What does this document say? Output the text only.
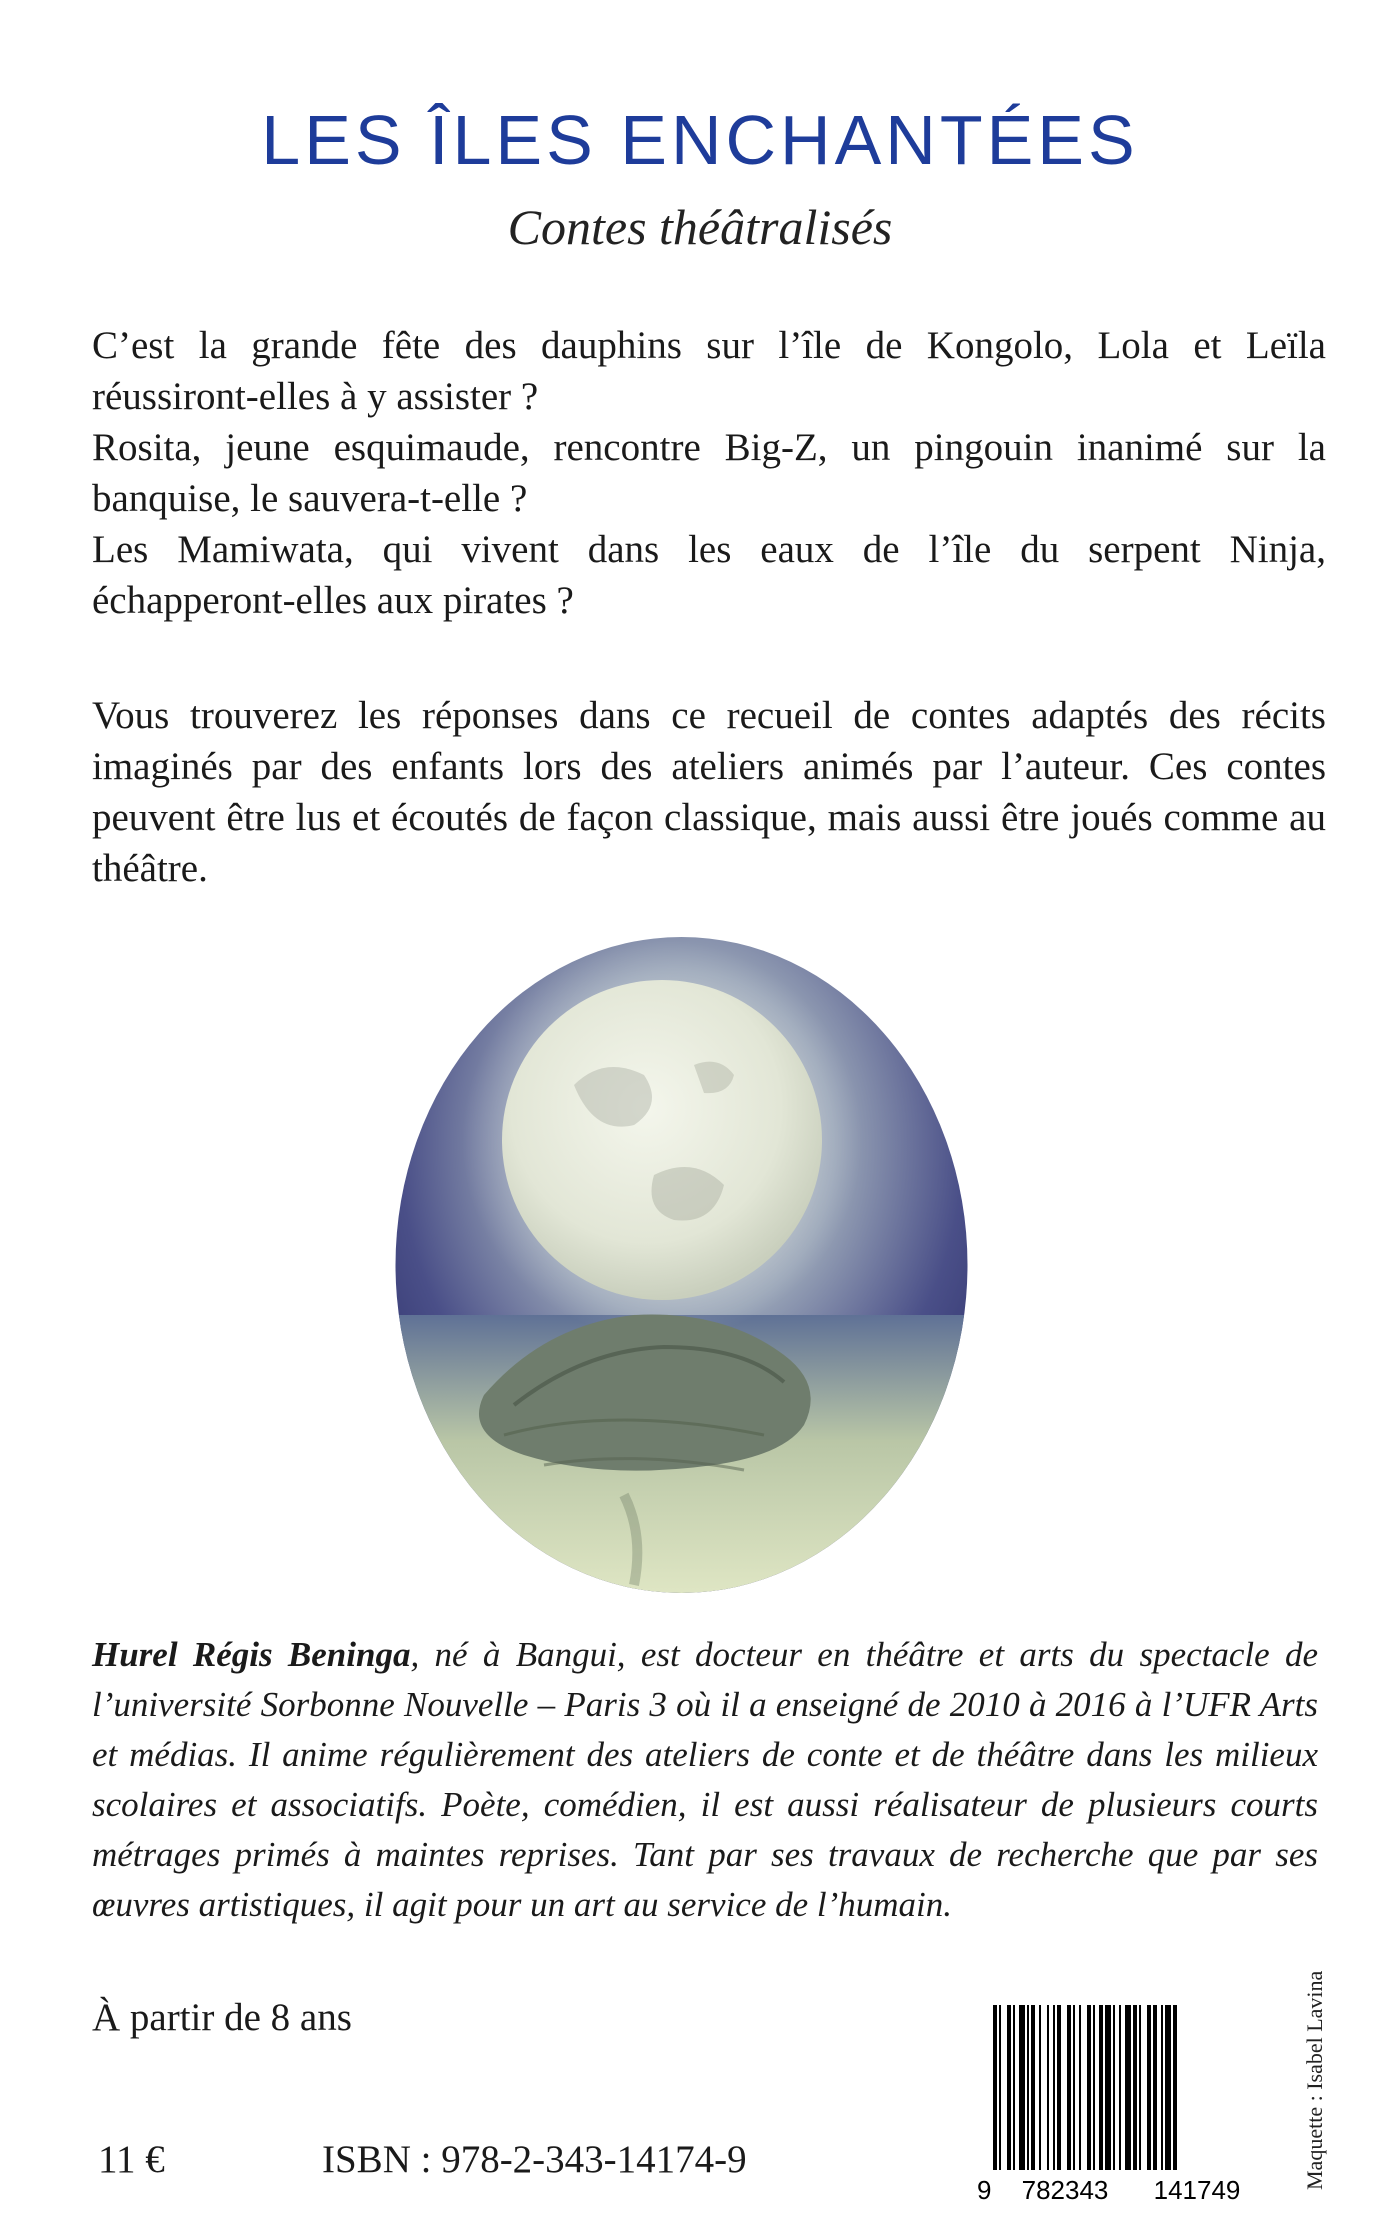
LES ÎLES ENCHANTÉES
Contes théâtralisés

C’est la grande fête des dauphins sur l’île de Kongolo, Lola et Leïla réussiront-elles à y assister ?

Rosita, jeune esquimaude, rencontre Big-Z, un pingouin inanimé sur la banquise, le sauvera-t-elle ?

Les Mamiwata, qui vivent dans les eaux de l’île du serpent Ninja, échapperont-elles aux pirates ?

Vous trouverez les réponses dans ce recueil de contes adaptés des récits imaginés par des enfants lors des ateliers animés par l’auteur. Ces contes peuvent être lus et écoutés de façon classique, mais aussi être joués comme au théâtre.

Hurel Régis Beninga, né à Bangui, est docteur en théâtre et arts du spectacle de l’université Sorbonne Nouvelle – Paris 3 où il a enseigné de 2010 à 2016 à l’UFR Arts et médias. Il anime régulièrement des ateliers de conte et de théâtre dans les milieux scolaires et associatifs. Poète, comédien, il est aussi réalisateur de plusieurs courts métrages primés à maintes reprises. Tant par ses travaux de recherche que par ses œuvres artistiques, il agit pour un art au service de l’humain.
À partir de 8 ans
11 €	ISBN : 978-2-343-14174-9
9 782343 141749	Maquette : Isabel Lavina
